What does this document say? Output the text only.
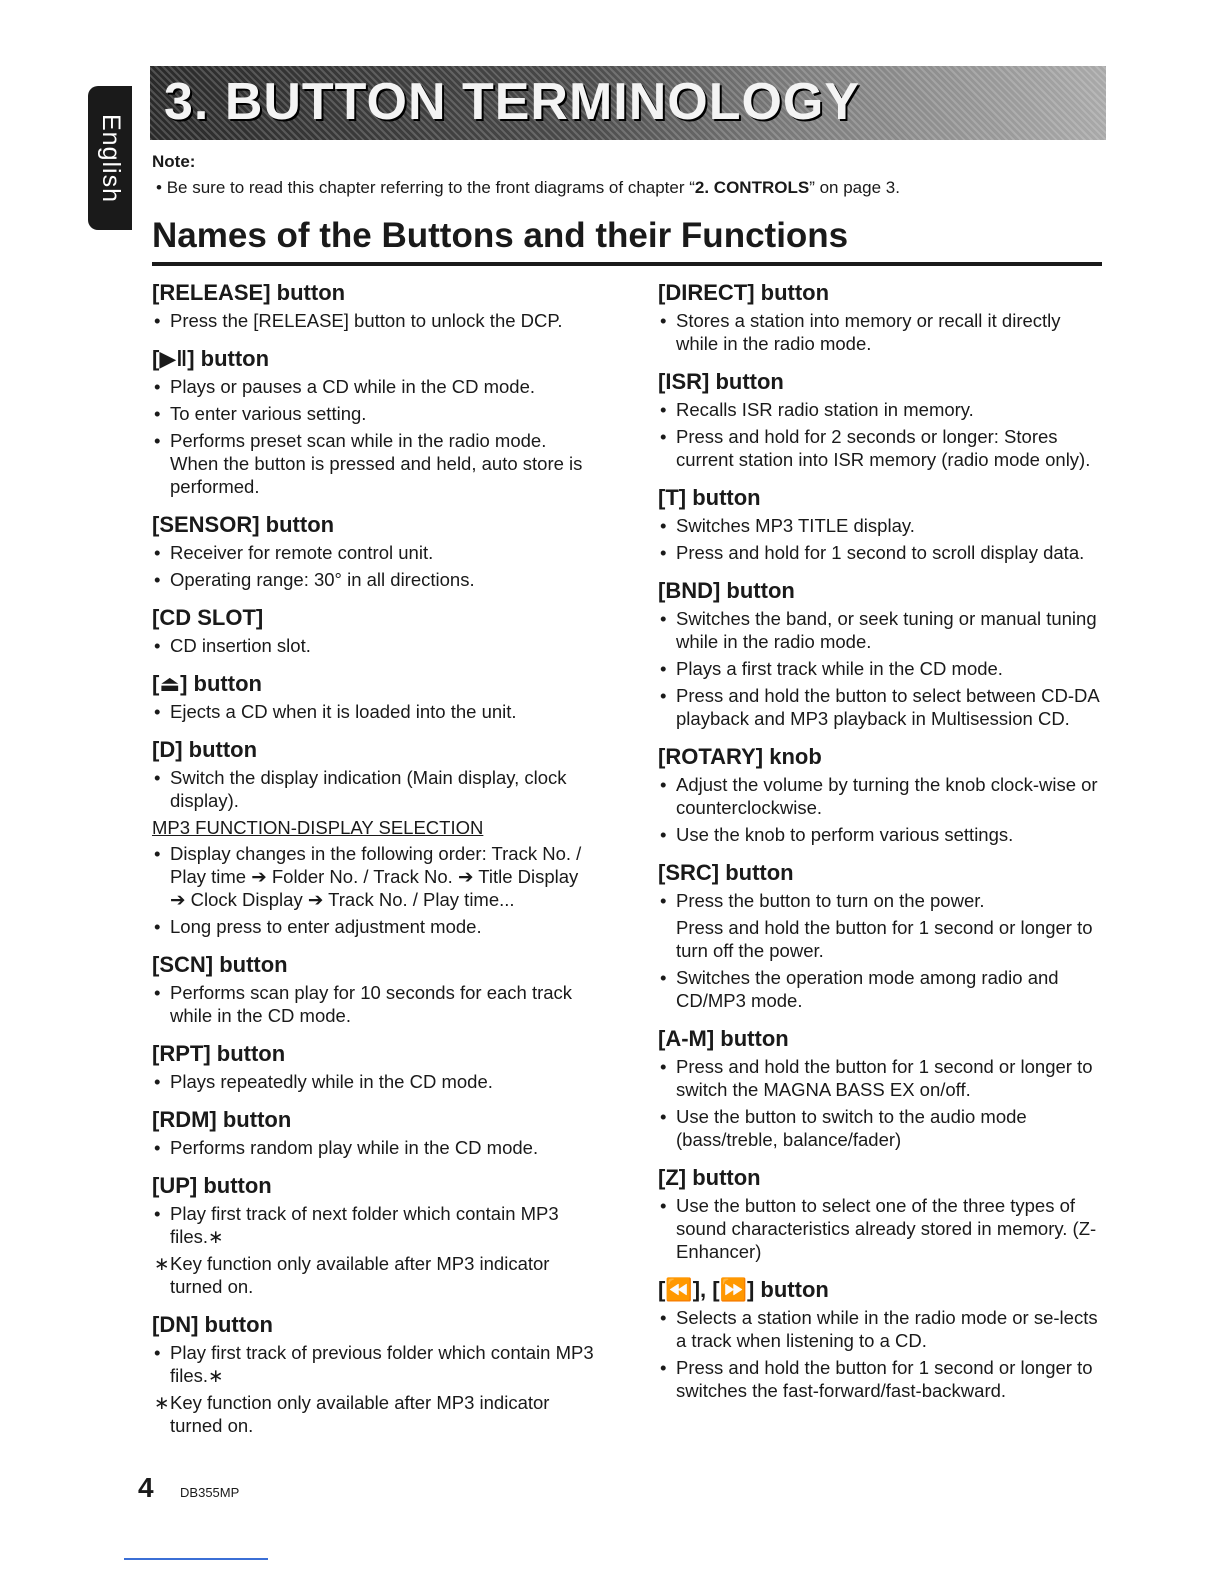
English
3. BUTTON TERMINOLOGY

Note:

• Be sure to read this chapter referring to the front diagrams of chapter “2. CONTROLS” on page 3.

Names of the Buttons and their Functions
[RELEASE] button
• Press the [RELEASE] button to unlock the DCP.
[▶‖] button
• Plays or pauses a CD while in the CD mode.
• To enter various setting.
• Performs preset scan while in the radio mode. When the button is pressed and held, auto store is performed.
[SENSOR] button
• Receiver for remote control unit.
• Operating range: 30° in all directions.
[CD SLOT]
• CD insertion slot.
[⏏] button
• Ejects a CD when it is loaded into the unit.
[D] button
• Switch the display indication (Main display, clock display).
MP3 FUNCTION-DISPLAY SELECTION
• Display changes in the following order: Track No. / Play time ➔ Folder No. / Track No. ➔ Title Display ➔ Clock Display ➔ Track No. / Play time...
• Long press to enter adjustment mode.
[SCN] button
• Performs scan play for 10 seconds for each track while in the CD mode.
[RPT] button
• Plays repeatedly while in the CD mode.
[RDM] button
• Performs random play while in the CD mode.
[UP] button
• Play first track of next folder which contain MP3 files.∗
∗ Key function only available after MP3 indicator turned on.
[DN] button
• Play first track of previous folder which contain MP3 files.∗
∗ Key function only available after MP3 indicator turned on.
[DIRECT] button
• Stores a station into memory or recall it directly while in the radio mode.
[ISR] button
• Recalls ISR radio station in memory.
• Press and hold for 2 seconds or longer: Stores current station into ISR memory (radio mode only).
[T] button
• Switches MP3 TITLE display.
• Press and hold for 1 second to scroll display data.
[BND] button
• Switches the band, or seek tuning or manual tuning while in the radio mode.
• Plays a first track while in the CD mode.
• Press and hold the button to select between CD-DA playback and MP3 playback in Multisession CD.
[ROTARY] knob
• Adjust the volume by turning the knob clock-wise or counterclockwise.
• Use the knob to perform various settings.
[SRC] button
• Press the button to turn on the power.
Press and hold the button for 1 second or longer to turn off the power.
• Switches the operation mode among radio and CD/MP3 mode.
[A-M] button
• Press and hold the button for 1 second or longer to switch the MAGNA BASS EX on/off.
• Use the button to switch to the audio mode (bass/treble, balance/fader)
[Z] button
• Use the button to select one of the three types of sound characteristics already stored in memory. (Z-Enhancer)
[⏪], [⏩] button
• Selects a station while in the radio mode or se-lects a track when listening to a CD.
• Press and hold the button for 1 second or longer to switches the fast-forward/fast-backward.
4 DB355MP
